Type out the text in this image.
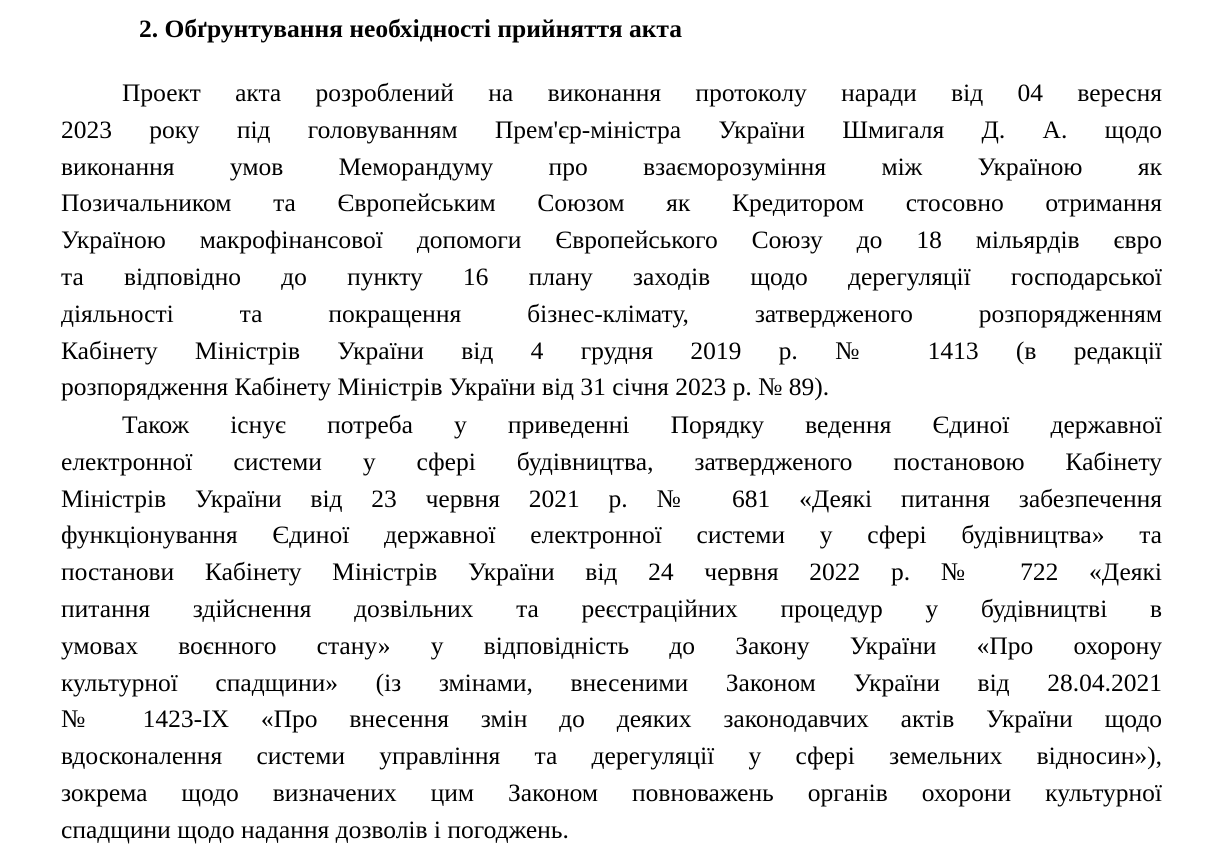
2. Обґрунтування необхідності прийняття акта
Проект акта розроблений на виконання протоколу наради від 04 вересня
2023 року під головуванням Прем'єр-міністра України Шмигаля Д. А. щодо
виконання умов Меморандуму про взаєморозуміння між Україною як
Позичальником та Європейським Союзом як Кредитором стосовно отримання
Україною макрофінансової допомоги Європейського Союзу до 18 мільярдів євро
та відповідно до пункту 16 плану заходів щодо дерегуляції господарської
діяльності та покращення бізнес-клімату, затвердженого розпорядженням
Кабінету Міністрів України від 4 грудня 2019 р. № 1413 (в редакції
розпорядження Кабінету Міністрів України від 31 січня 2023 р. № 89).
Також існує потреба у приведенні Порядку ведення Єдиної державної
електронної системи у сфері будівництва, затвердженого постановою Кабінету
Міністрів України від 23 червня 2021 р. № 681 «Деякі питання забезпечення
функціонування Єдиної державної електронної системи у сфері будівництва» та
постанови Кабінету Міністрів України від 24 червня 2022 р. № 722 «Деякі
питання здійснення дозвільних та реєстраційних процедур у будівництві в
умовах воєнного стану» у відповідність до Закону України «Про охорону
культурної спадщини» (із змінами, внесеними Законом України від 28.04.2021
№ 1423-IX «Про внесення змін до деяких законодавчих актів України щодо
вдосконалення системи управління та дерегуляції у сфері земельних відносин»),
зокрема щодо визначених цим Законом повноважень органів охорони культурної
спадщини щодо надання дозволів і погоджень.
